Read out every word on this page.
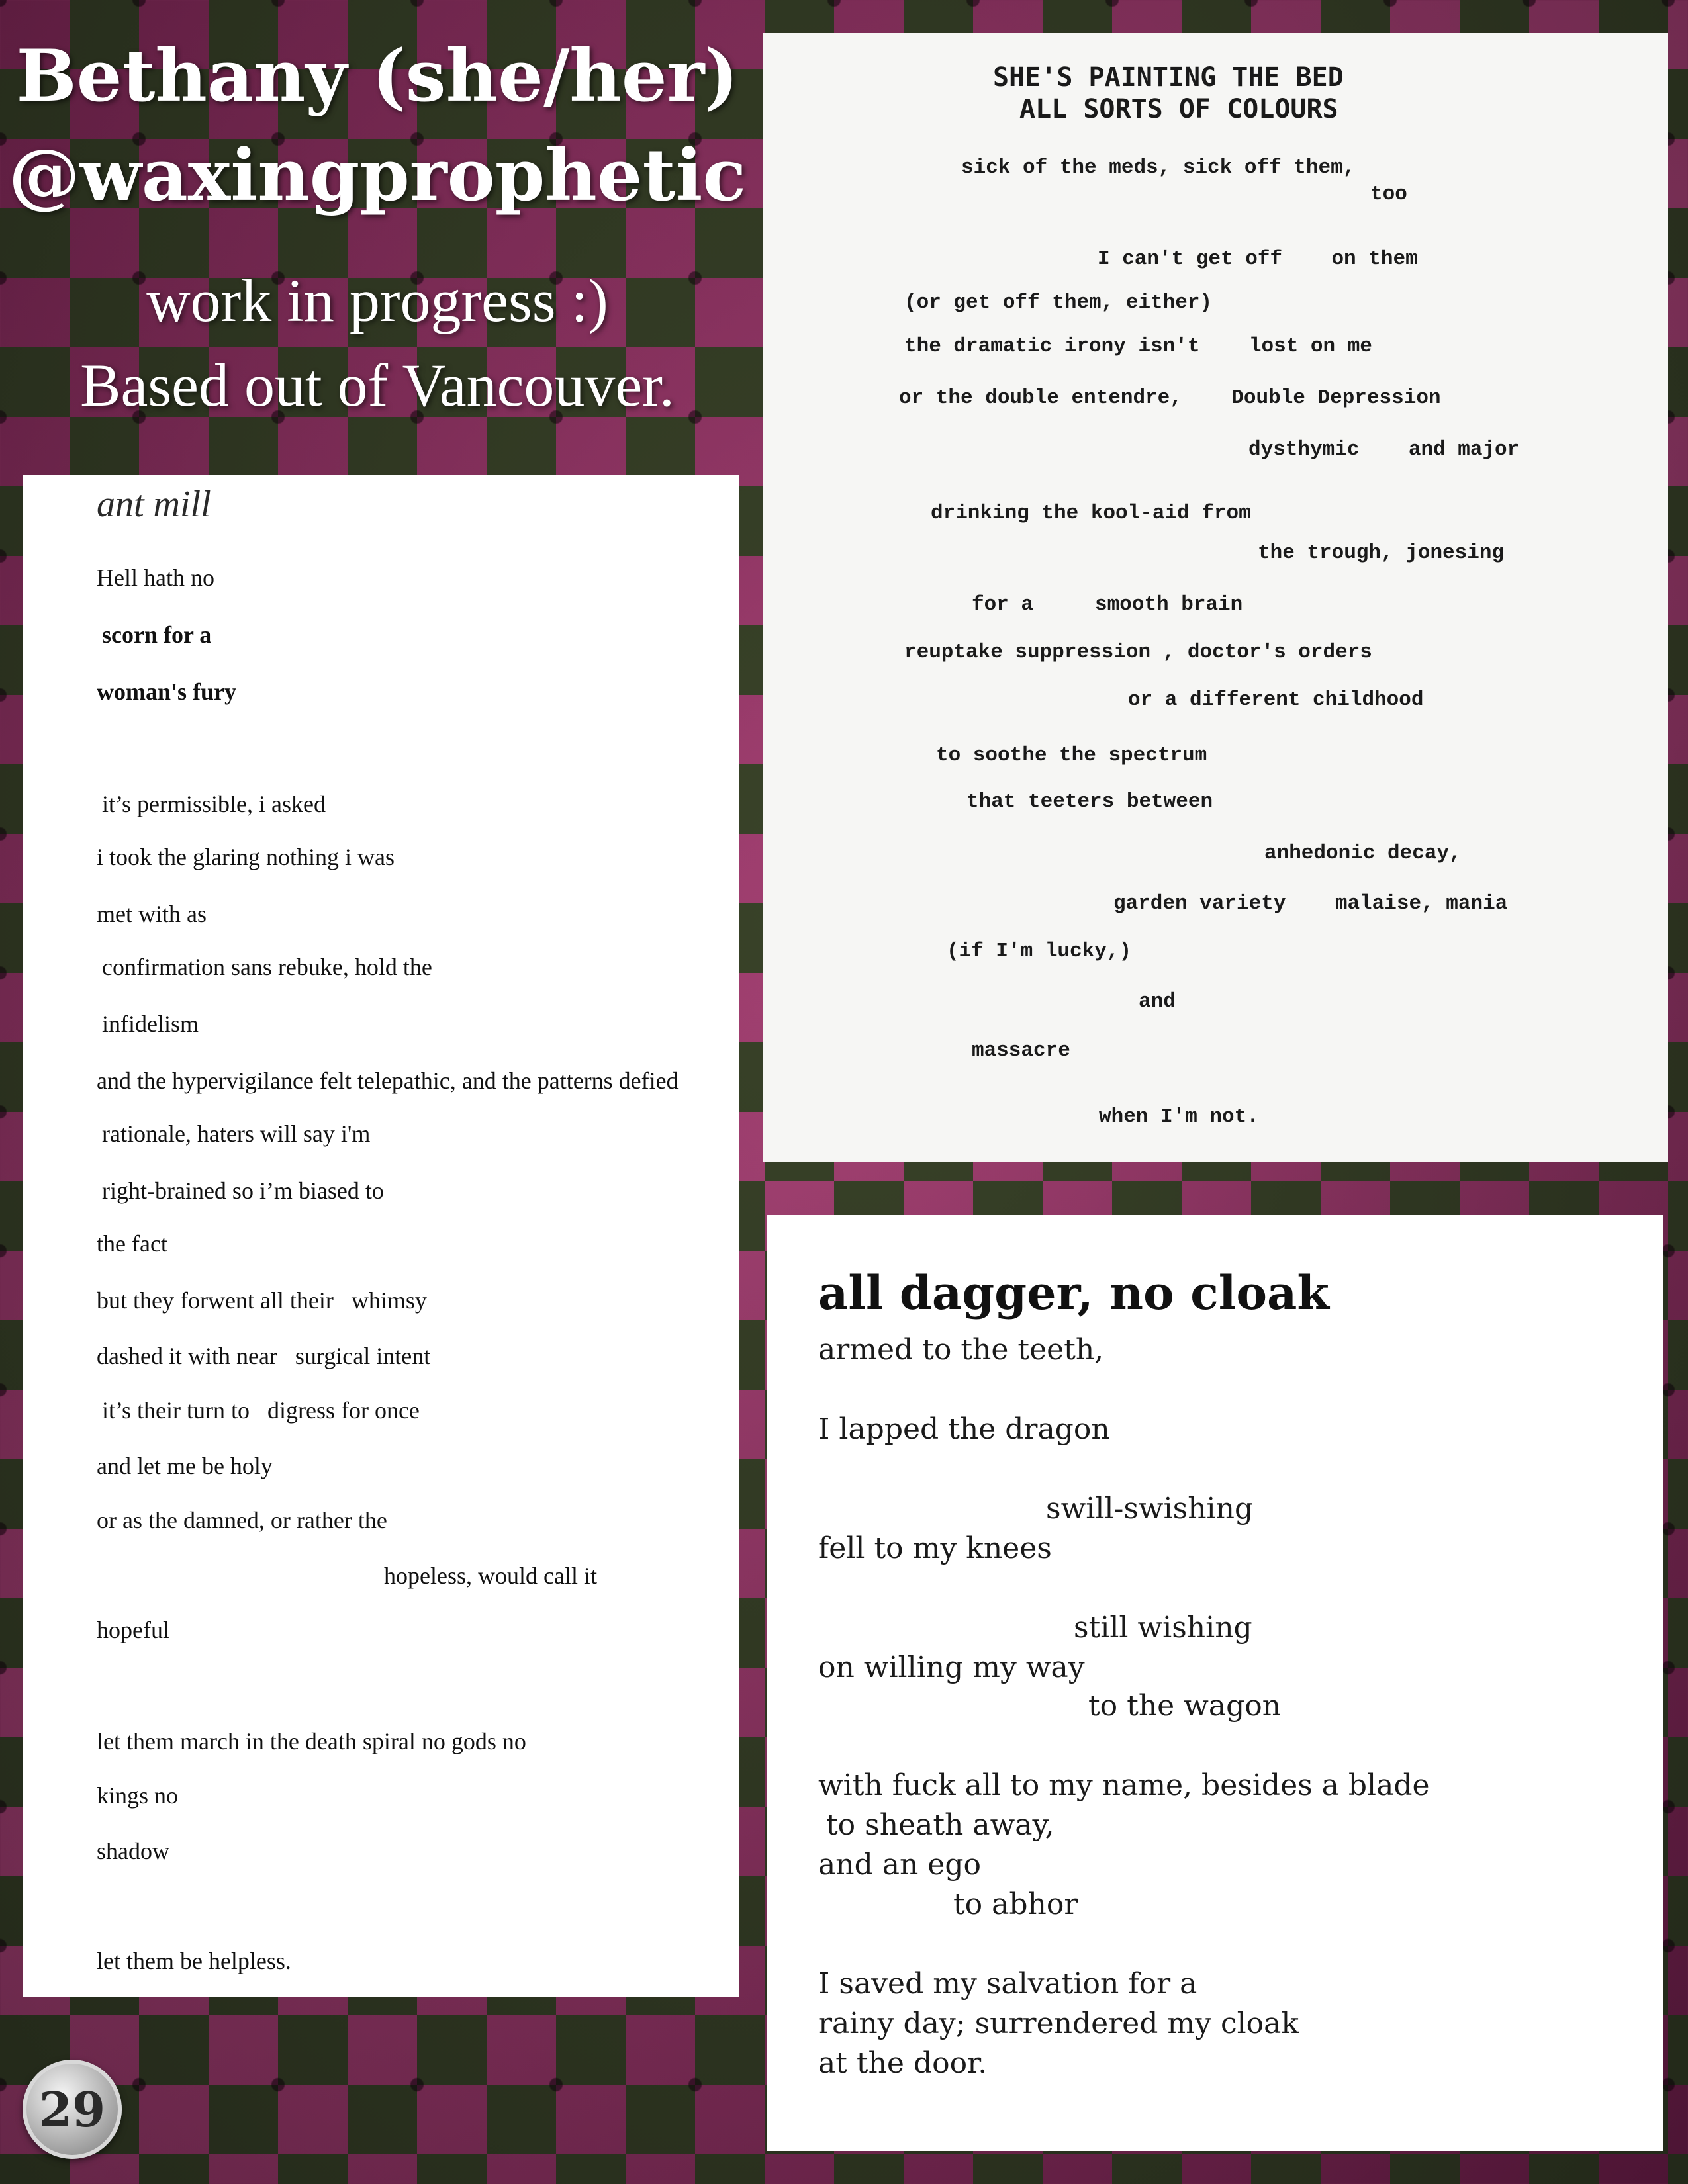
Bethany (she/her)

@waxingprophetic

work in progress :)

Based out of Vancouver.

ant mill
Hell hath no
scorn for a
woman's fury
it’s permissible, i asked
i took the glaring nothing i was
met with as
confirmation sans rebuke, hold the
infidelism
and the hypervigilance felt telepathic, and the patterns defied
rationale, haters will say i'm
right-brained so i’m biased to
the fact
but they forwent all their   whimsy
dashed it with near   surgical intent
it’s their turn to   digress for once
and let me be holy
or as the damned, or rather the
hopeless, would call it
hopeful
let them march in the death spiral no gods no
kings no
shadow
let them be helpless.
SHE'S PAINTING THE BED
ALL SORTS OF COLOURS
sick of the meds, sick off them,
too
I can't get off    on them
(or get off them, either)
the dramatic irony isn't    lost on me
or the double entendre,    Double Depression
dysthymic    and major
drinking the kool-aid from
the trough, jonesing
for a     smooth brain
reuptake suppression , doctor's orders
or a different childhood
to soothe the spectrum
that teeters between
anhedonic decay,
garden variety    malaise, mania
(if I'm lucky,)
and
massacre
when I'm not.
all dagger, no cloak
armed to the teeth,
I lapped the dragon
swill-swishing
fell to my knees
still wishing
on willing my way
to the wagon
with fuck all to my name, besides a blade
to sheath away,
and an ego
to abhor
I saved my salvation for a
rainy day; surrendered my cloak
at the door.
29
